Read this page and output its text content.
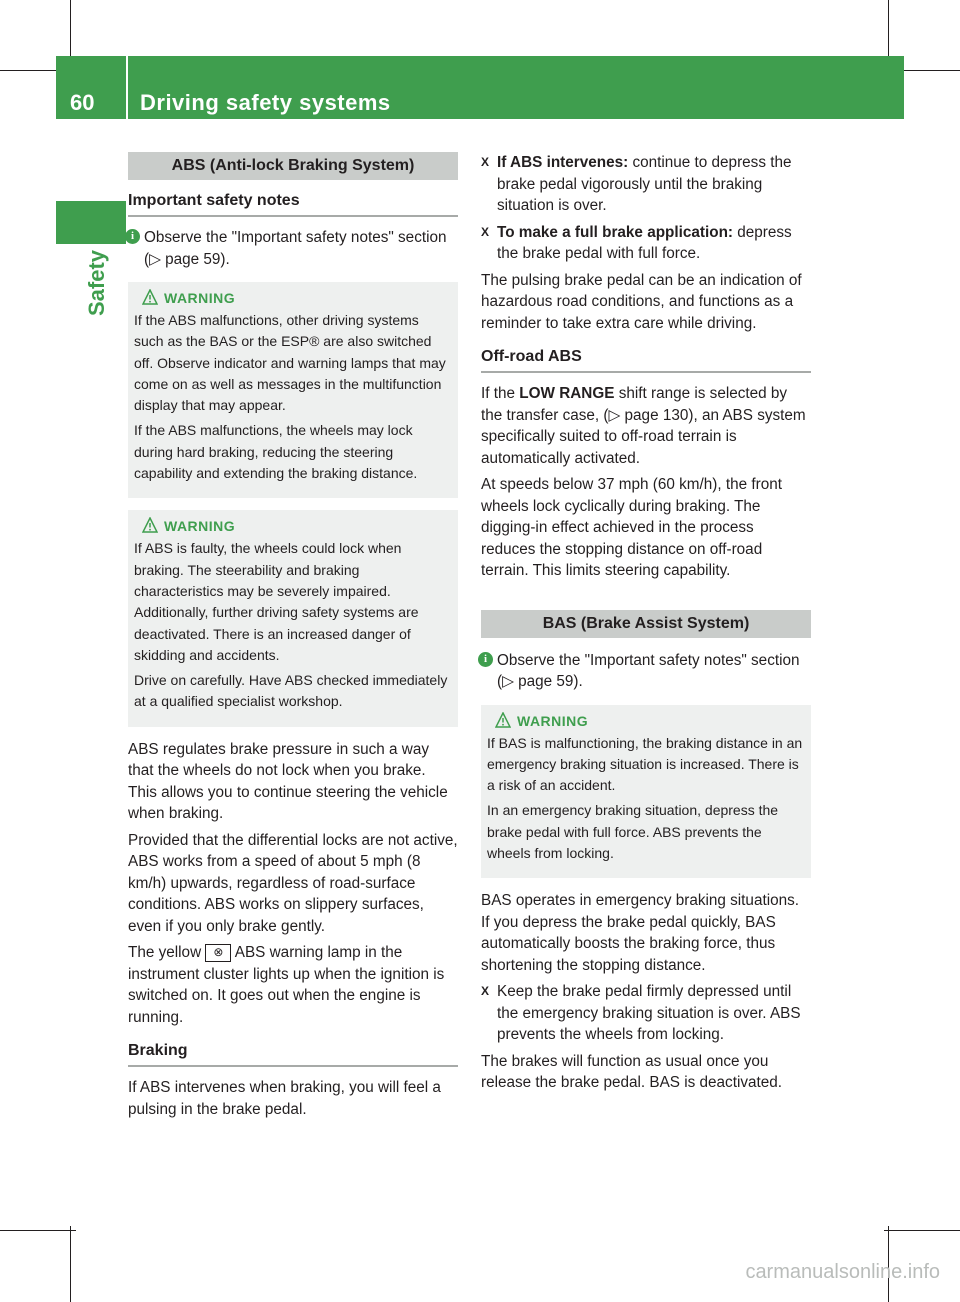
60 Driving safety systems
Safety
ABS (Anti-lock Braking System)
Important safety notes
i Observe the "Important safety notes" section (▷ page 59).
WARNING

If the ABS malfunctions, other driving systems such as the BAS or the ESP® are also switched off. Observe indicator and warning lamps that may come on as well as messages in the multifunction display that may appear.

If the ABS malfunctions, the wheels may lock during hard braking, reducing the steering capability and extending the braking distance.

WARNING

If ABS is faulty, the wheels could lock when braking. The steerability and braking characteristics may be severely impaired. Additionally, further driving safety systems are deactivated. There is an increased danger of skidding and accidents.

Drive on carefully. Have ABS checked immediately at a qualified specialist workshop.

ABS regulates brake pressure in such a way that the wheels do not lock when you brake. This allows you to continue steering the vehicle when braking.

Provided that the differential locks are not active, ABS works from a speed of about 5 mph (8 km/h) upwards, regardless of road-surface conditions. ABS works on slippery surfaces, even if you only brake gently.

The yellow ⊗ ABS warning lamp in the instrument cluster lights up when the ignition is switched on. It goes out when the engine is running.

Braking

If ABS intervenes when braking, you will feel a pulsing in the brake pedal.

X If ABS intervenes: continue to depress the brake pedal vigorously until the braking situation is over.
X To make a full brake application: depress the brake pedal with full force.

The pulsing brake pedal can be an indication of hazardous road conditions, and functions as a reminder to take extra care while driving.

Off-road ABS

If the LOW RANGE shift range is selected by the transfer case, (▷ page 130), an ABS system specifically suited to off-road terrain is automatically activated.

At speeds below 37 mph (60 km/h), the front wheels lock cyclically during braking. The digging-in effect achieved in the process reduces the stopping distance on off-road terrain. This limits steering capability.

BAS (Brake Assist System)
i Observe the "Important safety notes" section (▷ page 59).
WARNING

If BAS is malfunctioning, the braking distance in an emergency braking situation is increased. There is a risk of an accident.

In an emergency braking situation, depress the brake pedal with full force. ABS prevents the wheels from locking.

BAS operates in emergency braking situations. If you depress the brake pedal quickly, BAS automatically boosts the braking force, thus shortening the stopping distance.

X Keep the brake pedal firmly depressed until the emergency braking situation is over. ABS prevents the wheels from locking.

The brakes will function as usual once you release the brake pedal. BAS is deactivated.

carmanualsonline.info
